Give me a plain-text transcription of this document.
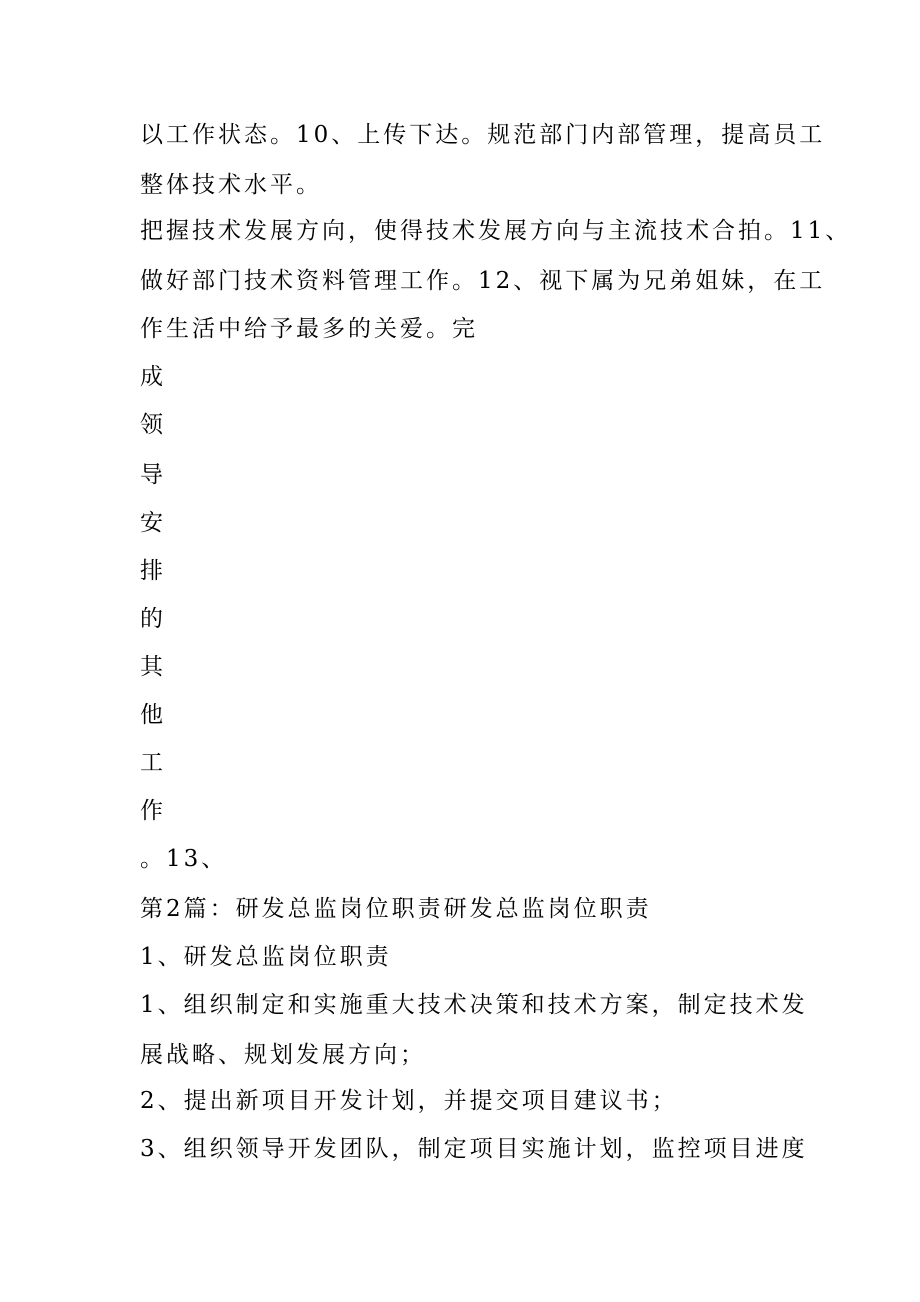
以工作状态。10、上传下达。规范部门内部管理，提高员工
整体技术水平。
把握技术发展方向，使得技术发展方向与主流技术合拍。11、
做好部门技术资料管理工作。12、视下属为兄弟姐妹，在工
作生活中给予最多的关爱。完
成
领
导
安
排
的
其
他
工
作
。13、
第2篇：研发总监岗位职责研发总监岗位职责
1、研发总监岗位职责
1、组织制定和实施重大技术决策和技术方案，制定技术发
展战略、规划发展方向；
2、提出新项目开发计划，并提交项目建议书；
3、组织领导开发团队，制定项目实施计划，监控项目进度
